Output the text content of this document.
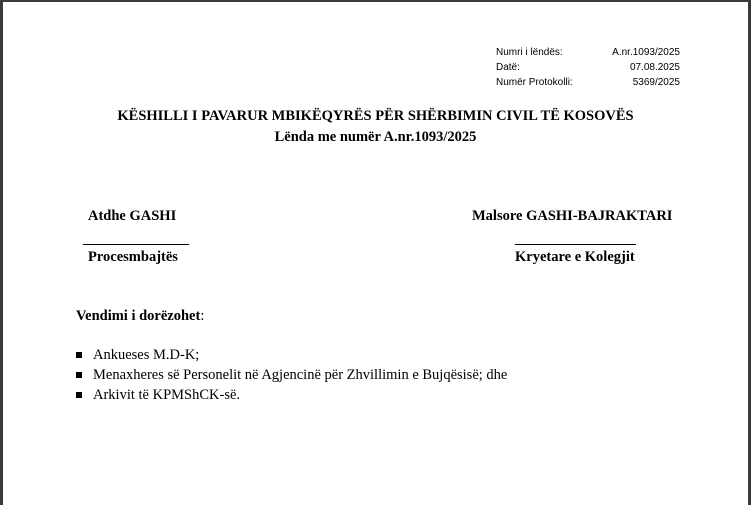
Numri i lëndës:	A.nr.1093/2025
Datë:	07.08.2025
Numër Protokolli:	5369/2025
KËSHILLI I PAVARUR MBIKËQYRËS PËR SHËRBIMIN CIVIL TË KOSOVËS
Lënda me numër A.nr.1093/2025
Atdhe GASHI
Procesmbajtës
Malsore GASHI-BAJRAKTARI
Kryetare e Kolegjit
Vendimi i dorëzohet:
Ankueses M.D-K;
Menaxheres së Personelit në Agjencinë për Zhvillimin e Bujqësisë; dhe
Arkivit të KPMShCK-së.
